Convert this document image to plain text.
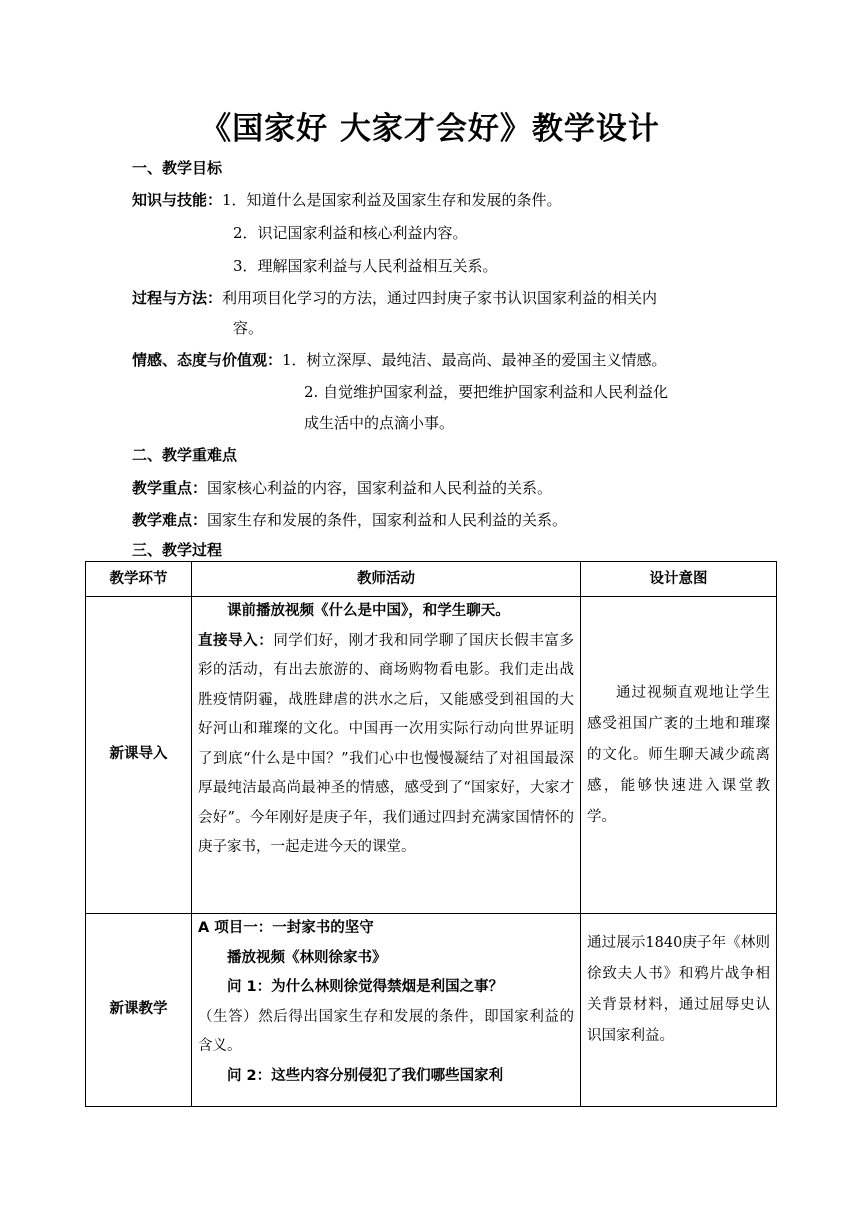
《国家好 大家才会好》教学设计
一、教学目标
知识与技能：1．知道什么是国家利益及国家生存和发展的条件。
2．识记国家利益和核心利益内容。
3．理解国家利益与人民利益相互关系。
过程与方法：利用项目化学习的方法，通过四封庚子家书认识国家利益的相关内
容。
情感、态度与价值观：1．树立深厚、最纯洁、最高尚、最神圣的爱国主义情感。
2. 自觉维护国家利益，要把维护国家利益和人民利益化
成生活中的点滴小事。
二、教学重难点
教学重点：国家核心利益的内容，国家利益和人民利益的关系。
教学难点：国家生存和发展的条件，国家利益和人民利益的关系。
三、教学过程
教学环节	教师活动	设计意图
新课导入	课前播放视频《什么是中国》，和学生聊天。

直接导入：同学们好，刚才我和同学聊了国庆长假丰富多彩的活动，有出去旅游的、商场购物看电影。我们走出战胜疫情阴霾，战胜肆虐的洪水之后，又能感受到祖国的大好河山和璀璨的文化。中国再一次用实际行动向世界证明了到底“什么是中国？”我们心中也慢慢凝结了对祖国最深厚最纯洁最高尚最神圣的情感，感受到了“国家好，大家才会好”。今年刚好是庚子年，我们通过四封充满家国情怀的庚子家书，一起走进今天的课堂。	通过视频直观地让学生感受祖国广袤的土地和璀璨的文化。师生聊天减少疏离感，能够快速进入课堂教学。

新课教学	A 项目一：一封家书的坚守

播放视频《林则徐家书》

问 1：为什么林则徐觉得禁烟是利国之事？

（生答）然后得出国家生存和发展的条件，即国家利益的含义。

问 2：这些内容分别侵犯了我们哪些国家利	通过展示1840庚子年《林则徐致夫人书》和鸦片战争相关背景材料，通过屈辱史认识国家利益。
